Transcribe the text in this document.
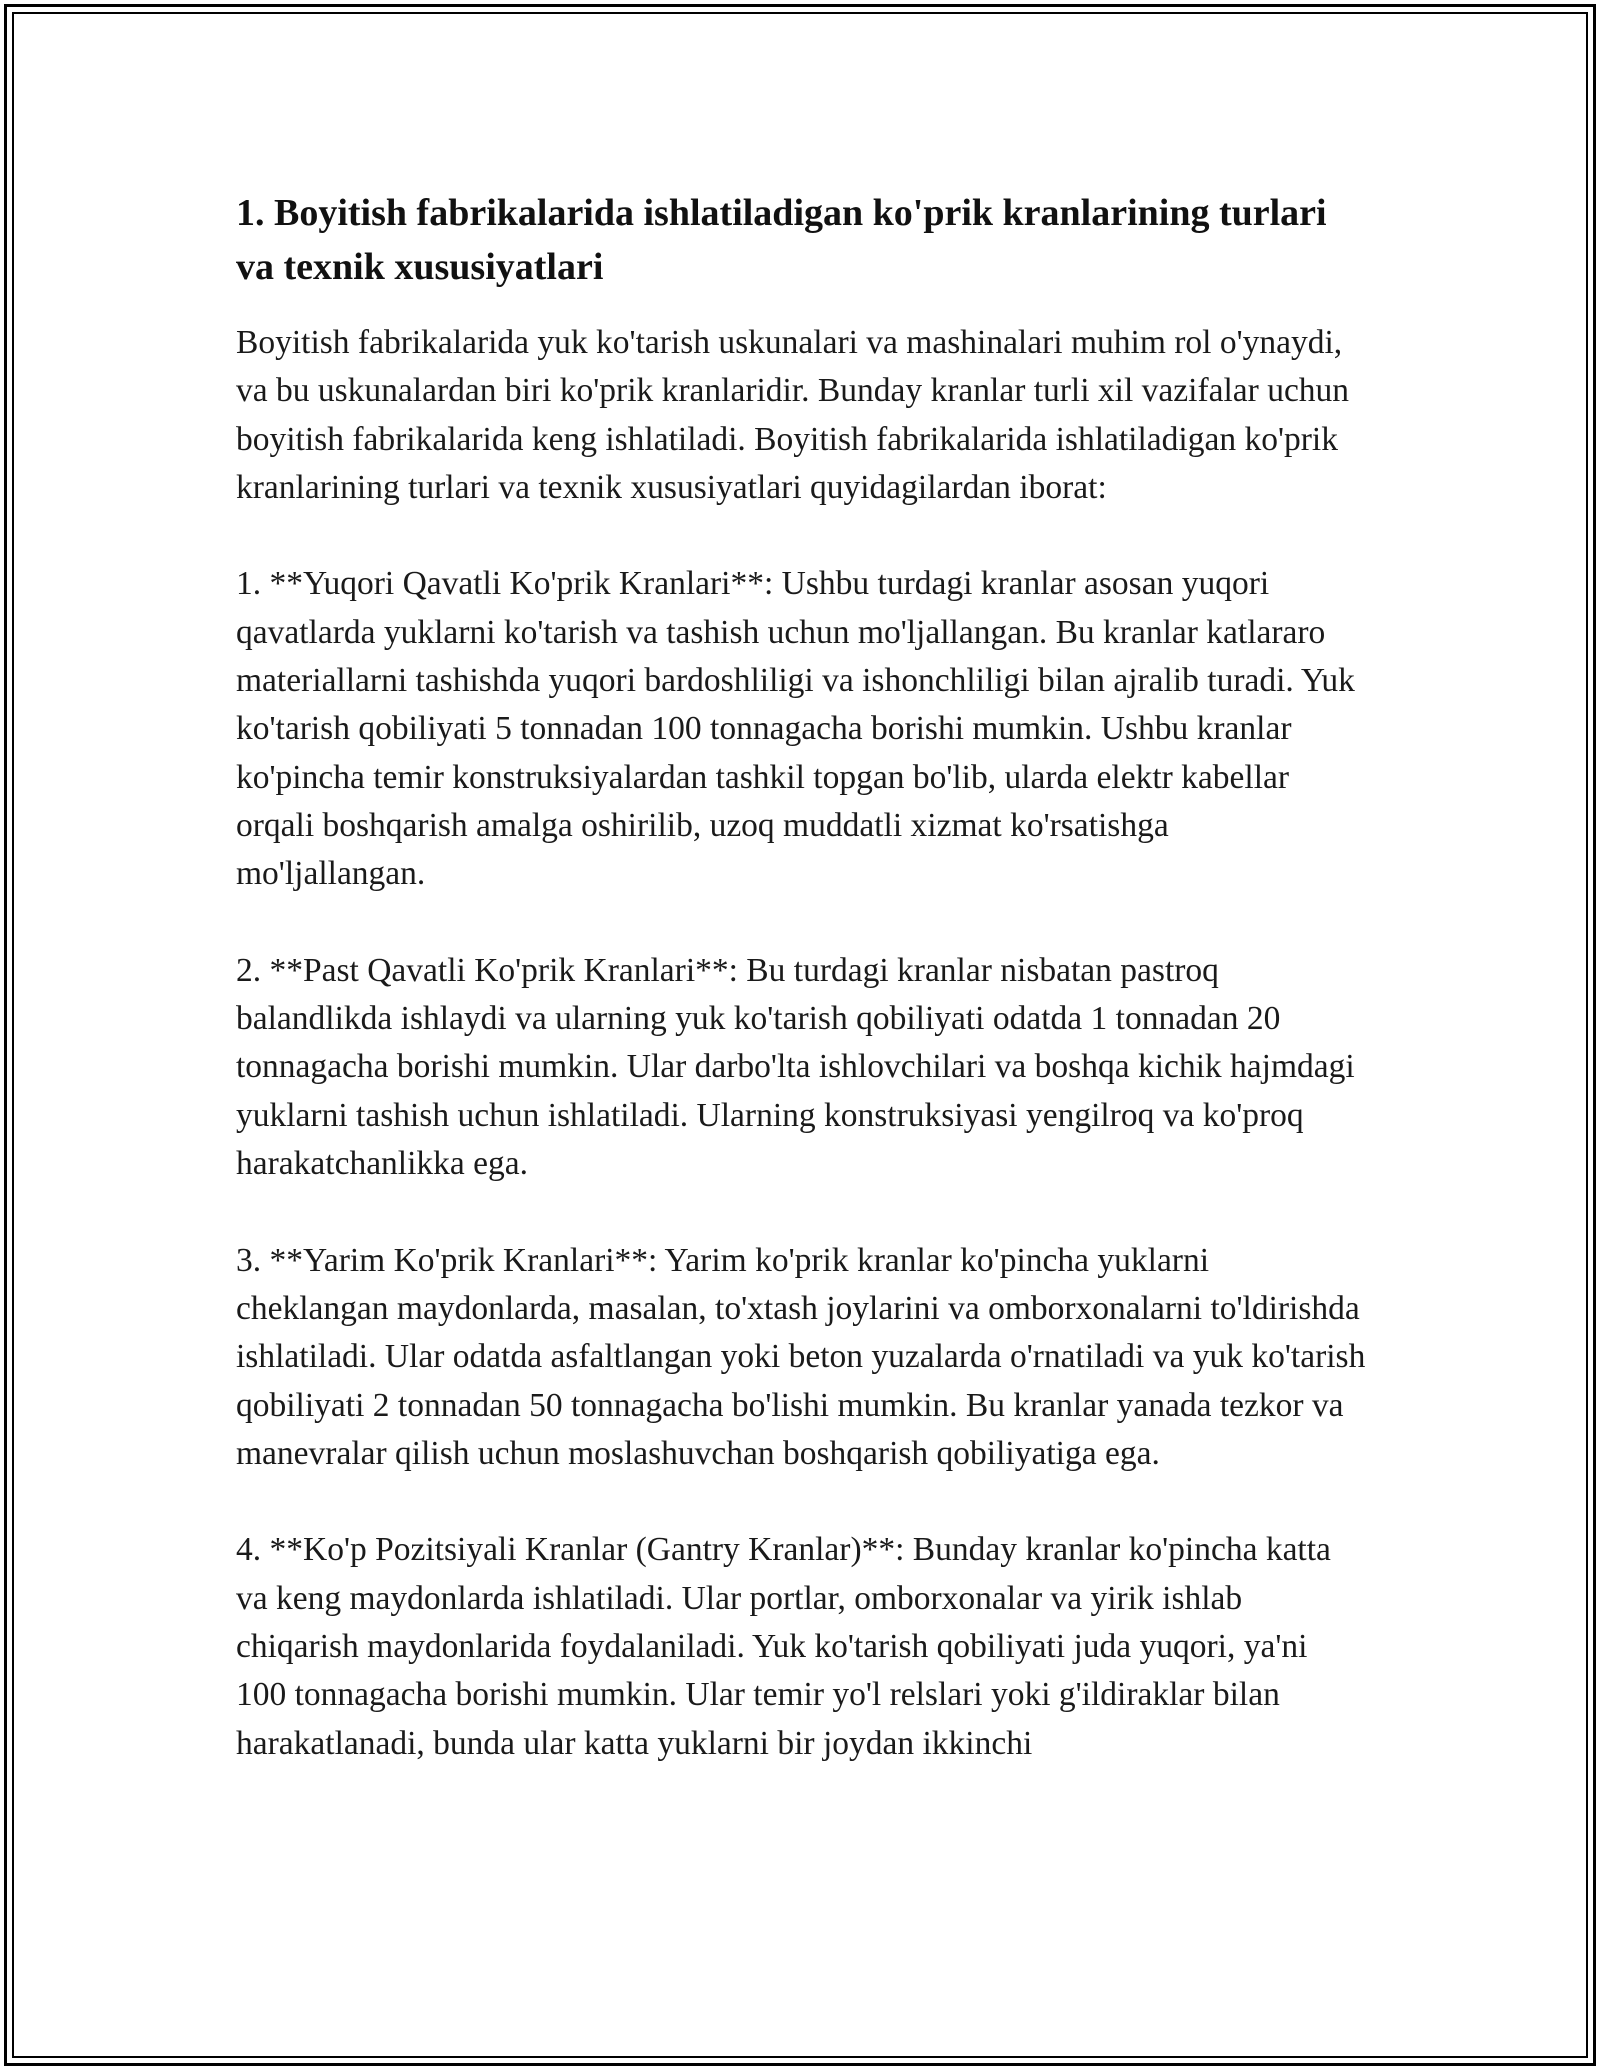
1. Boyitish fabrikalarida ishlatiladigan ko'prik kranlarining turlari va texnik xususiyatlari

Boyitish fabrikalarida yuk ko'tarish uskunalari va mashinalari muhim rol o'ynaydi, va bu uskunalardan biri ko'prik kranlaridir. Bunday kranlar turli xil vazifalar uchun boyitish fabrikalarida keng ishlatiladi. Boyitish fabrikalarida ishlatiladigan ko'prik kranlarining turlari va texnik xususiyatlari quyidagilardan iborat:

1. **Yuqori Qavatli Ko'prik Kranlari**: Ushbu turdagi kranlar asosan yuqori qavatlarda yuklarni ko'tarish va tashish uchun mo'ljallangan. Bu kranlar katlararo materiallarni tashishda yuqori bardoshliligi va ishonchliligi bilan ajralib turadi. Yuk ko'tarish qobiliyati 5 tonnadan 100 tonnagacha borishi mumkin. Ushbu kranlar ko'pincha temir konstruksiyalardan tashkil topgan bo'lib, ularda elektr kabellar orqali boshqarish amalga oshirilib, uzoq muddatli xizmat ko'rsatishga mo'ljallangan.

2. **Past Qavatli Ko'prik Kranlari**: Bu turdagi kranlar nisbatan pastroq balandlikda ishlaydi va ularning yuk ko'tarish qobiliyati odatda 1 tonnadan 20 tonnagacha borishi mumkin. Ular darbo'lta ishlovchilari va boshqa kichik hajmdagi yuklarni tashish uchun ishlatiladi. Ularning konstruksiyasi yengilroq va ko'proq harakatchanlikka ega.

3. **Yarim Ko'prik Kranlari**: Yarim ko'prik kranlar ko'pincha yuklarni cheklangan maydonlarda, masalan, to'xtash joylarini va omborxonalarni to'ldirishda ishlatiladi. Ular odatda asfaltlangan yoki beton yuzalarda o'rnatiladi va yuk ko'tarish qobiliyati 2 tonnadan 50 tonnagacha bo'lishi mumkin. Bu kranlar yanada tezkor va manevralar qilish uchun moslashuvchan boshqarish qobiliyatiga ega.

4. **Ko'p Pozitsiyali Kranlar (Gantry Kranlar)**: Bunday kranlar ko'pincha katta va keng maydonlarda ishlatiladi. Ular portlar, omborxonalar va yirik ishlab chiqarish maydonlarida foydalaniladi. Yuk ko'tarish qobiliyati juda yuqori, ya'ni 100 tonnagacha borishi mumkin. Ular temir yo'l relslari yoki g'ildiraklar bilan harakatlanadi, bunda ular katta yuklarni bir joydan ikkinchi
